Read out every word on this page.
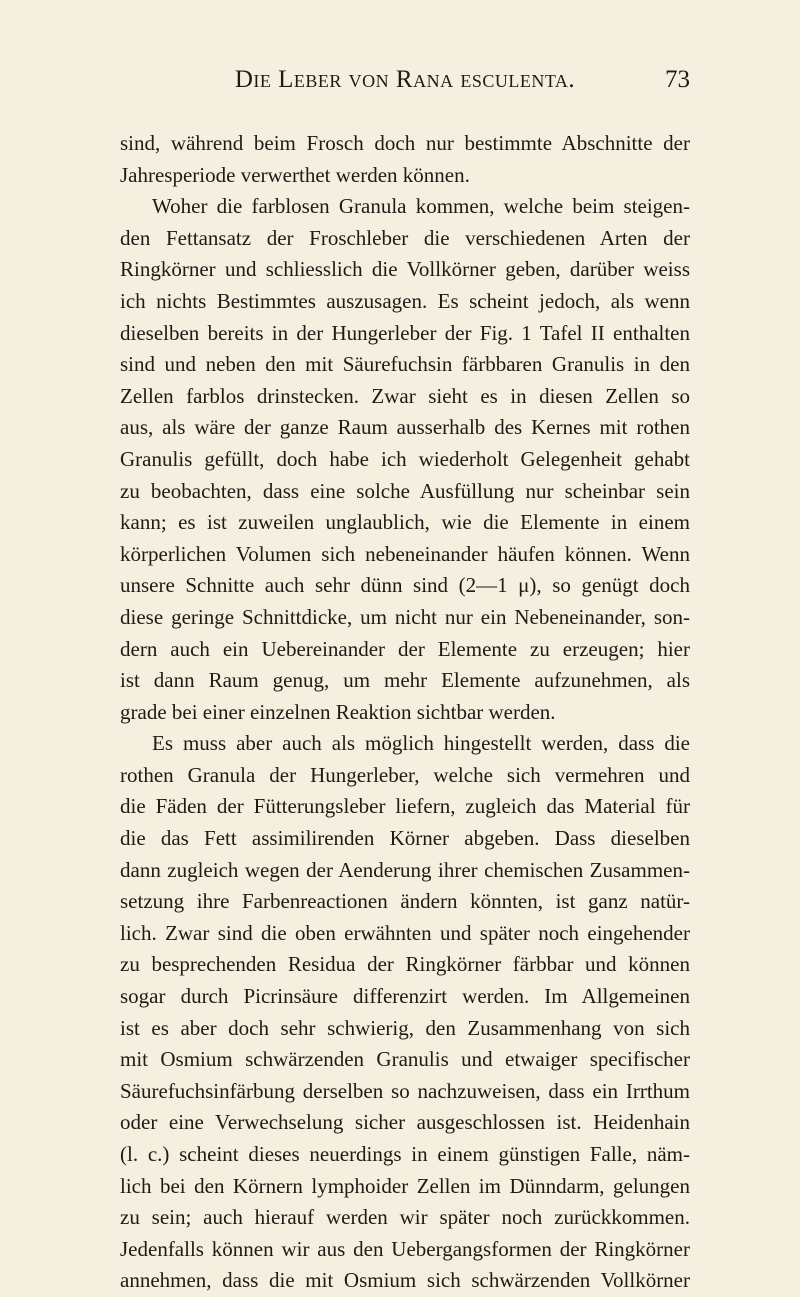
Die Leber von Rana esculenta.	73
sind, während beim Frosch doch nur bestimmte Abschnitte der
Jahresperiode verwerthet werden können.
Woher die farblosen Granula kommen, welche beim steigen-
den Fettansatz der Froschleber die verschiedenen Arten der
Ringkörner und schliesslich die Vollkörner geben, darüber weiss
ich nichts Bestimmtes auszusagen. Es scheint jedoch, als wenn
dieselben bereits in der Hungerleber der Fig. 1 Tafel II enthalten
sind und neben den mit Säurefuchsin färbbaren Granulis in den
Zellen farblos drinstecken. Zwar sieht es in diesen Zellen so
aus, als wäre der ganze Raum ausserhalb des Kernes mit rothen
Granulis gefüllt, doch habe ich wiederholt Gelegenheit gehabt
zu beobachten, dass eine solche Ausfüllung nur scheinbar sein
kann; es ist zuweilen unglaublich, wie die Elemente in einem
körperlichen Volumen sich nebeneinander häufen können. Wenn
unsere Schnitte auch sehr dünn sind (2—1 μ), so genügt doch
diese geringe Schnittdicke, um nicht nur ein Nebeneinander, son-
dern auch ein Uebereinander der Elemente zu erzeugen; hier
ist dann Raum genug, um mehr Elemente aufzunehmen, als
grade bei einer einzelnen Reaktion sichtbar werden.
Es muss aber auch als möglich hingestellt werden, dass die
rothen Granula der Hungerleber, welche sich vermehren und
die Fäden der Fütterungsleber liefern, zugleich das Material für
die das Fett assimilirenden Körner abgeben. Dass dieselben
dann zugleich wegen der Aenderung ihrer chemischen Zusammen-
setzung ihre Farbenreactionen ändern könnten, ist ganz natür-
lich. Zwar sind die oben erwähnten und später noch eingehender
zu besprechenden Residua der Ringkörner färbbar und können
sogar durch Picrinsäure differenzirt werden. Im Allgemeinen
ist es aber doch sehr schwierig, den Zusammenhang von sich
mit Osmium schwärzenden Granulis und etwaiger specifischer
Säurefuchsinfärbung derselben so nachzuweisen, dass ein Irrthum
oder eine Verwechselung sicher ausgeschlossen ist. Heidenhain
(l. c.) scheint dieses neuerdings in einem günstigen Falle, näm-
lich bei den Körnern lymphoider Zellen im Dünndarm, gelungen
zu sein; auch hierauf werden wir später noch zurückkommen.
Jedenfalls können wir aus den Uebergangsformen der Ringkörner
annehmen, dass die mit Osmium sich schwärzenden Vollkörner
